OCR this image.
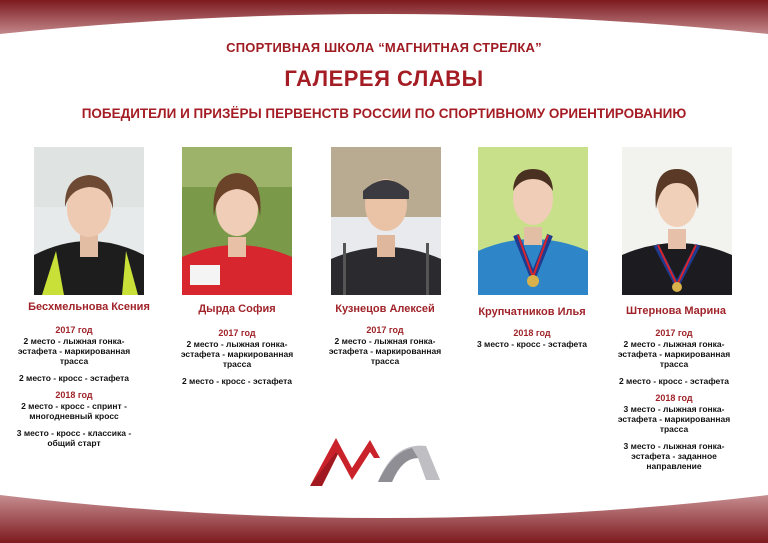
СПОРТИВНАЯ ШКОЛА “МАГНИТНАЯ СТРЕЛКА”
ГАЛЕРЕЯ СЛАВЫ
ПОБЕДИТЕЛИ И ПРИЗЁРЫ ПЕРВЕНСТВ РОССИИ ПО СПОРТИВНОМУ ОРИЕНТИРОВАНИЮ
Бесхмельнова Ксения	Дырда София	Кузнецов Алексей	Крупчатников Илья	Штернова Марина
2017 год
2 место - лыжная гонка-эстафета - маркированная трасса
2 место - кросс - эстафета
2018 год
2 место - кросс - спринт - многодневный кросс
3 место - кросс - классика - общий старт
2017 год
2 место - лыжная гонка-эстафета - маркированная трасса
2 место - кросс - эстафета
2017 год
2 место - лыжная гонка-эстафета - маркированная трасса
2018 год
3 место - кросс - эстафета
2017 год
2 место - лыжная гонка-эстафета - маркированная трасса
2 место - кросс - эстафета
2018 год
3 место - лыжная гонка-эстафета - маркированная трасса
3 место - лыжная гонка-эстафета - заданное направление
